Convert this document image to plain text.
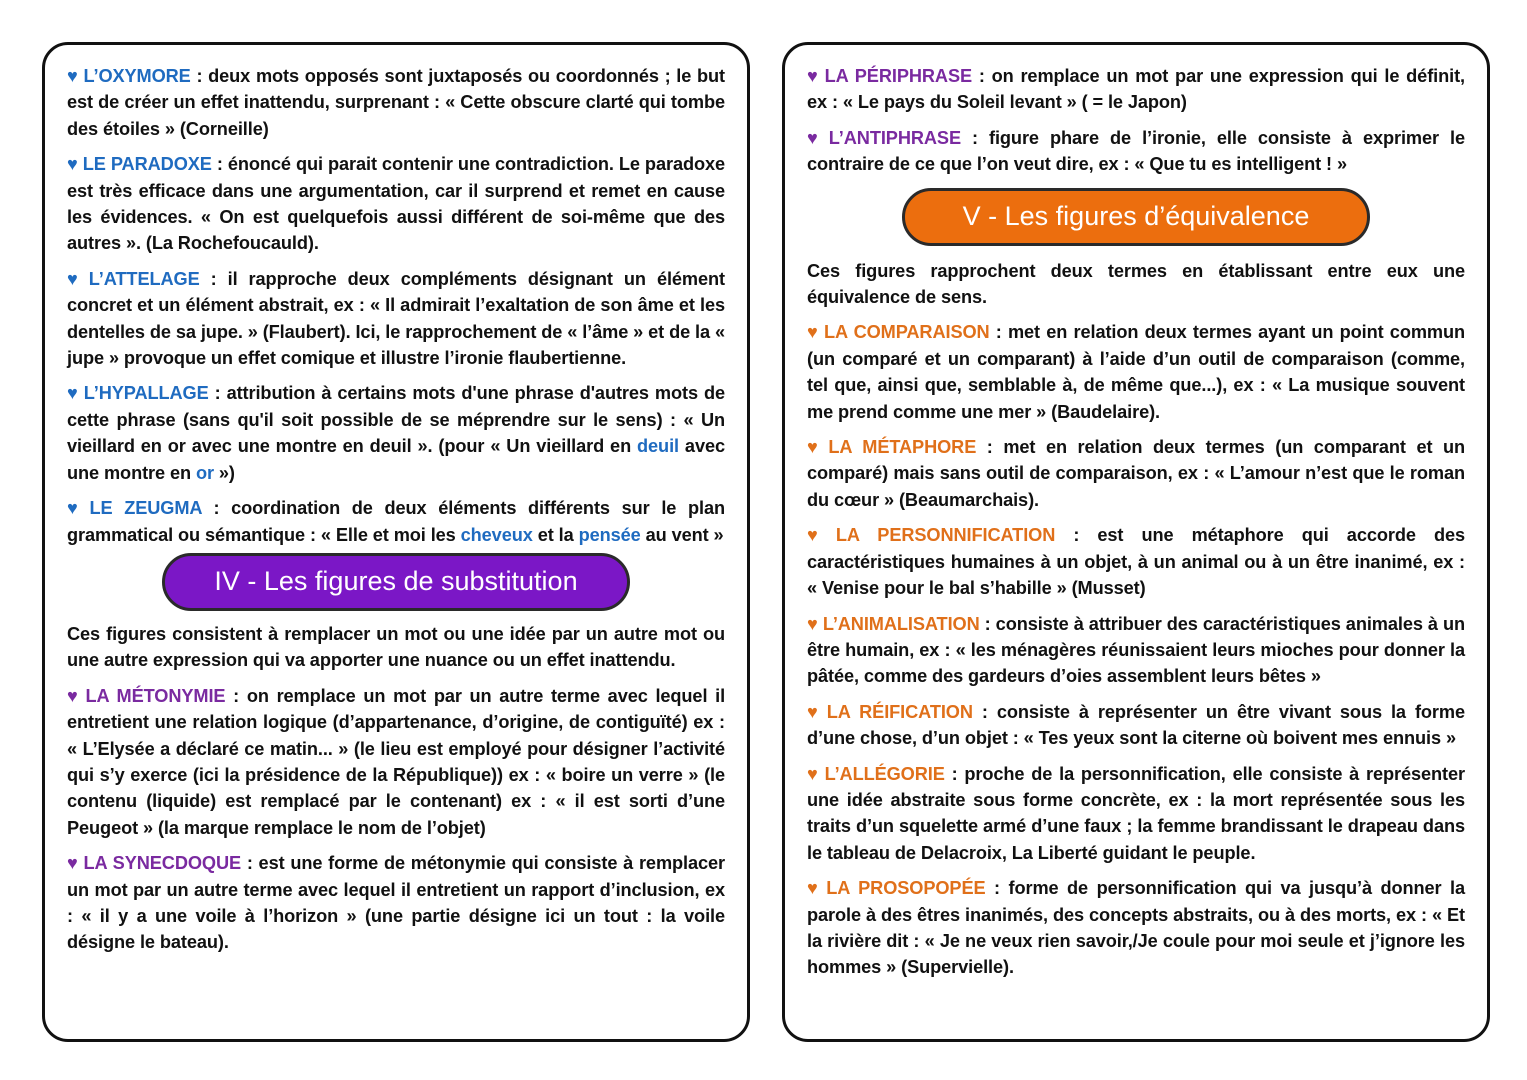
♥ L’OXYMORE : deux mots opposés sont juxtaposés ou coordonnés ; le but est de créer un effet inattendu, surprenant : « Cette obscure clarté qui tombe des étoiles » (Corneille)

♥ LE PARADOXE : énoncé qui parait contenir une contradiction. Le paradoxe est très efficace dans une argumentation, car il surprend et remet en cause les évidences. « On est quelquefois aussi différent de soi-même que des autres ». (La Rochefoucauld).

♥ L’ATTELAGE : il rapproche deux compléments désignant un élément concret et un élément abstrait, ex : « Il admirait l’exaltation de son âme et les dentelles de sa jupe. » (Flaubert). Ici, le rapprochement de « l’âme » et de la « jupe » provoque un effet comique et illustre l’ironie flaubertienne.

♥ L’HYPALLAGE : attribution à certains mots d'une phrase d'autres mots de cette phrase (sans qu'il soit possible de se méprendre sur le sens) : « Un vieillard en or avec une montre en deuil ». (pour « Un vieillard en deuil avec une montre en or »)

♥ LE ZEUGMA : coordination de deux éléments différents sur le plan grammatical ou sémantique : « Elle et moi les cheveux et la pensée au vent »

IV - Les figures de substitution

Ces figures consistent à remplacer un mot ou une idée par un autre mot ou une autre expression qui va apporter une nuance ou un effet inattendu.

♥ LA MÉTONYMIE : on remplace un mot par un autre terme avec lequel il entretient une relation logique (d’appartenance, d’origine, de contiguïté) ex : « L’Elysée a déclaré ce matin... » (le lieu est employé pour désigner l’activité qui s’y exerce (ici la présidence de la République)) ex : « boire un verre » (le contenu (liquide) est remplacé par le contenant) ex : « il est sorti d’une Peugeot » (la marque remplace le nom de l’objet)

♥ LA SYNECDOQUE : est une forme de métonymie qui consiste à remplacer un mot par un autre terme avec lequel il entretient un rapport d’inclusion, ex : « il y a une voile à l’horizon » (une partie désigne ici un tout : la voile désigne le bateau).

♥ LA PÉRIPHRASE : on remplace un mot par une expression qui le définit, ex : « Le pays du Soleil levant » ( = le Japon)

♥ L’ANTIPHRASE : figure phare de l’ironie, elle consiste à exprimer le contraire de ce que l’on veut dire, ex : « Que tu es intelligent ! »

V - Les figures d’équivalence

Ces figures rapprochent deux termes en établissant entre eux une équivalence de sens.

♥ LA COMPARAISON : met en relation deux termes ayant un point commun (un comparé et un comparant) à l’aide d’un outil de comparaison (comme, tel que, ainsi que, semblable à, de même que...), ex : « La musique souvent me prend comme une mer » (Baudelaire).

♥ LA MÉTAPHORE : met en relation deux termes (un comparant et un comparé) mais sans outil de comparaison, ex : « L’amour n’est que le roman du cœur » (Beaumarchais).

♥ LA PERSONNIFICATION : est une métaphore qui accorde des caractéristiques humaines à un objet, à un animal ou à un être inanimé, ex : « Venise pour le bal s’habille » (Musset)

♥ L’ANIMALISATION : consiste à attribuer des caractéristiques animales à un être humain, ex : « les ménagères réunissaient leurs mioches pour donner la pâtée, comme des gardeurs d’oies assemblent leurs bêtes »

♥ LA RÉIFICATION : consiste à représenter un être vivant sous la forme d’une chose, d’un objet : « Tes yeux sont la citerne où boivent mes ennuis »

♥ L’ALLÉGORIE : proche de la personnification, elle consiste à représenter une idée abstraite sous forme concrète, ex : la mort représentée sous les traits d’un squelette armé d’une faux ; la femme brandissant le drapeau dans le tableau de Delacroix, La Liberté guidant le peuple.

♥ LA PROSOPOPÉE : forme de personnification qui va jusqu’à donner la parole à des êtres inanimés, des concepts abstraits, ou à des morts, ex : « Et la rivière dit : « Je ne veux rien savoir,/Je coule pour moi seule et j’ignore les hommes » (Supervielle).
